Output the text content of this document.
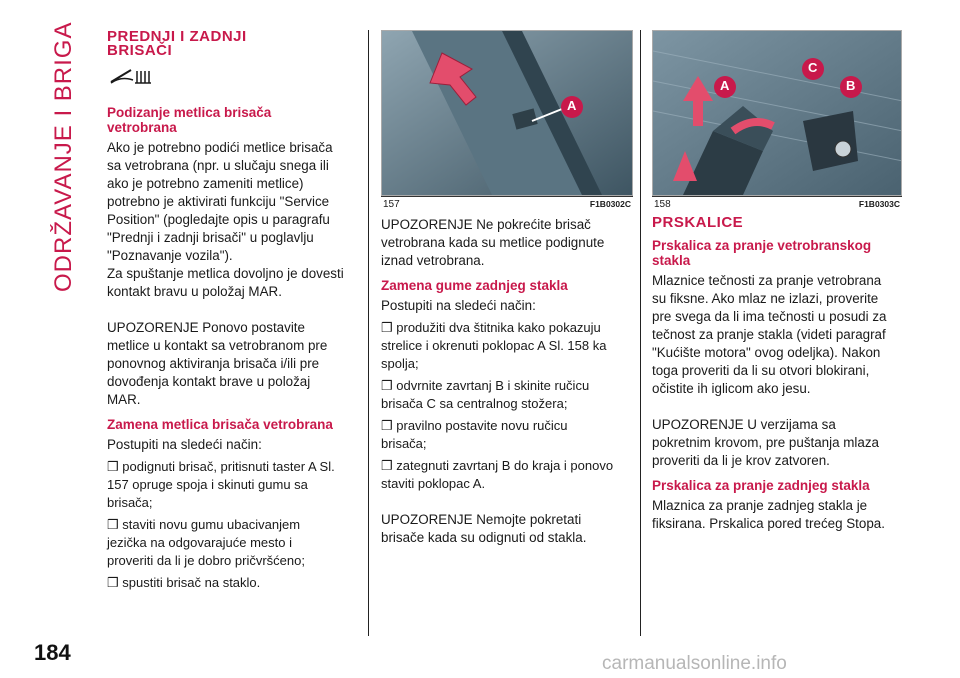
ODRŽAVANJE I BRIGA
184	carmanualsonline.info
PREDNJI I ZADNJI
BRISAČI
Podizanje metlica brisača
vetrobrana

Ako je potrebno podići metlice brisača
sa vetrobrana (npr. u slučaju snega ili
ako je potrebno zameniti metlice)
potrebno je aktivirati funkciju "Service
Position" (pogledajte opis u paragrafu
"Prednji i zadnji brisači" u poglavlju
"Poznavanje vozila").
Za spuštanje metlica dovoljno je dovesti
kontakt bravu u položaj MAR.

UPOZORENJE Ponovo postavite
metlice u kontakt sa vetrobranom pre
ponovnog aktiviranja brisača i/ili pre
dovođenja kontakt brave u položaj
MAR.

Zamena metlica brisača vetrobrana

Postupiti na sledeći način:

❒ podignuti brisač, pritisnuti taster A Sl.
157 opruge spoja i skinuti gumu sa
brisača;

❒ staviti novu gumu ubacivanjem
jezička na odgovarajuće mesto i
proveriti da li je dobro pričvršćeno;

❒ spustiti brisač na staklo.

A
157	F1B0302C

UPOZORENJE Ne pokrećite brisač
vetrobrana kada su metlice podignute
iznad vetrobrana.

Zamena gume zadnjeg stakla

Postupiti na sledeći način:

❒ produžiti dva štitnika kako pokazuju
strelice i okrenuti poklopac A Sl. 158 ka
spolja;

❒ odvrnite zavrtanj B i skinite ručicu
brisača C sa centralnog stožera;

❒ pravilno postavite novu ručicu
brisača;

❒ zategnuti zavrtanj B do kraja i ponovo
staviti poklopac A.

UPOZORENJE Nemojte pokretati
brisače kada su odignuti od stakla.

A
C
B
158	F1B0303C
PRSKALICE
Prskalica za pranje vetrobranskog
stakla

Mlaznice tečnosti za pranje vetrobrana
su fiksne. Ako mlaz ne izlazi, proverite
pre svega da li ima tečnosti u posudi za
tečnost za pranje stakla (videti paragraf
"Kućište motora" ovog odeljka). Nakon
toga proveriti da li su otvori blokirani,
očistite ih iglicom ako jesu.

UPOZORENJE U verzijama sa
pokretnim krovom, pre puštanja mlaza
proveriti da li je krov zatvoren.

Prskalica za pranje zadnjeg stakla

Mlaznica za pranje zadnjeg stakla je
fiksirana. Prskalica pored trećeg Stopa.
